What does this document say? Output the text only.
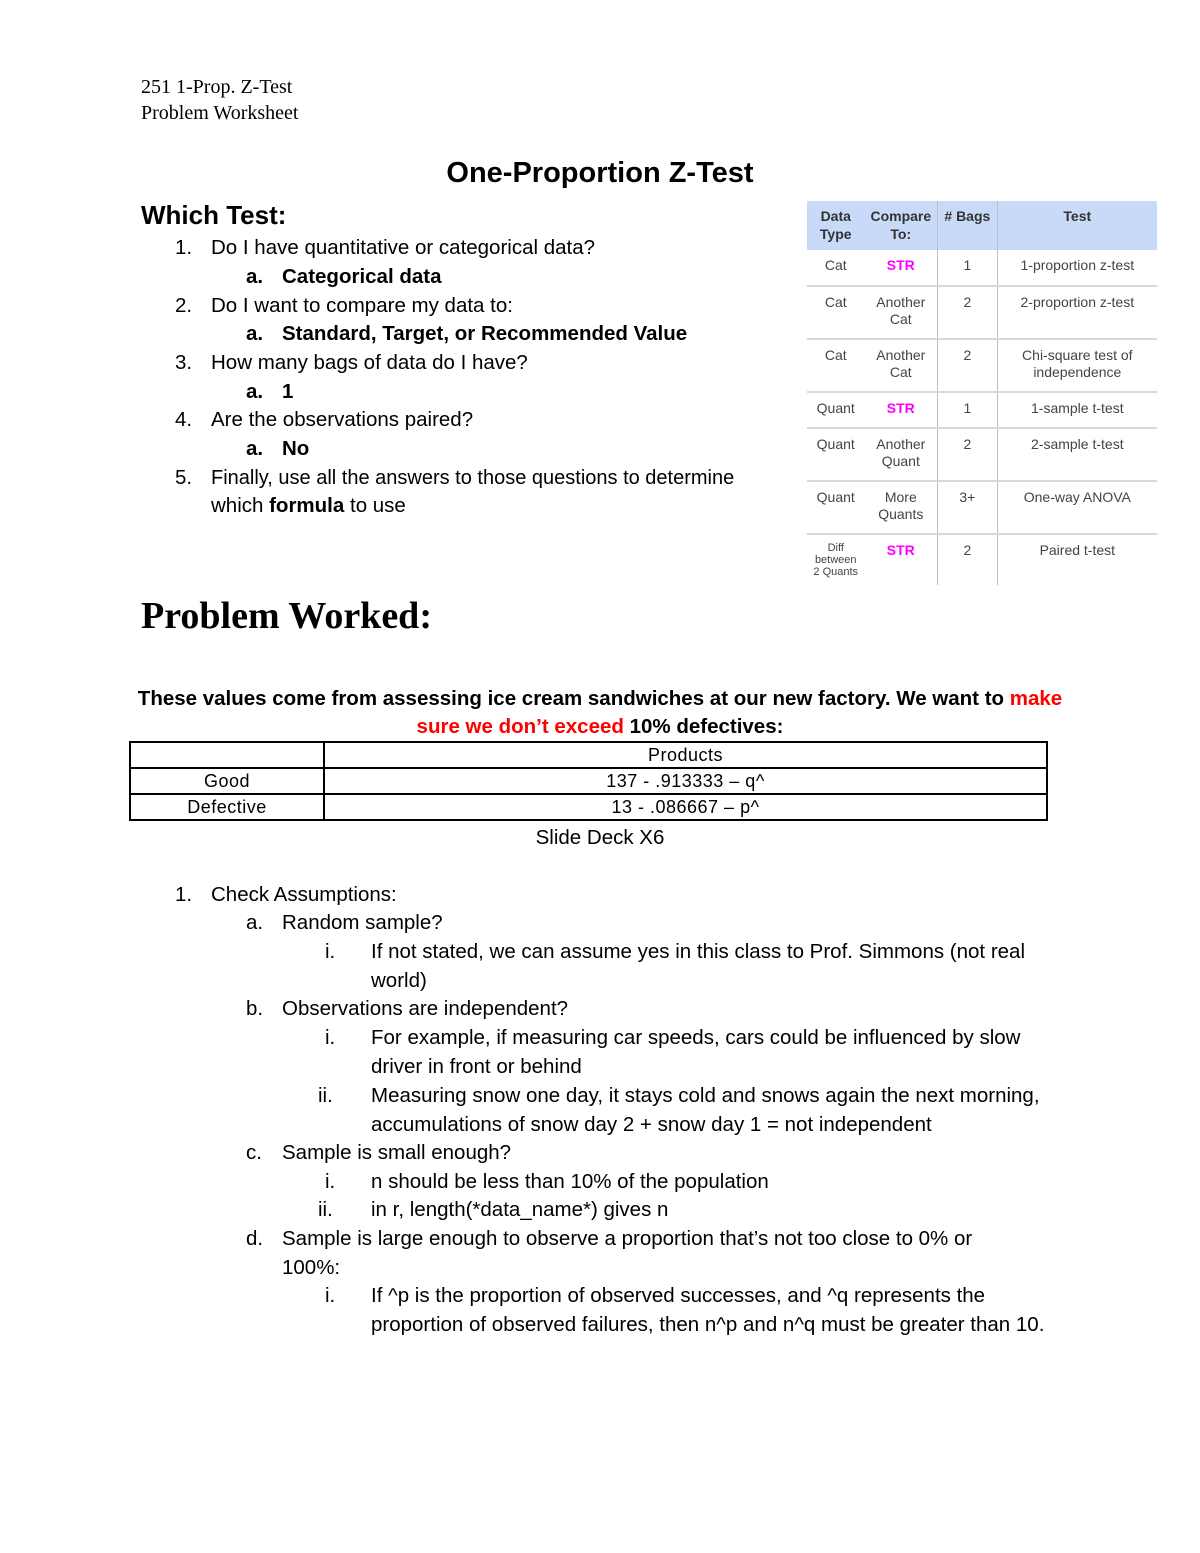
251 1-Prop. Z-Test
Problem Worksheet
One-Proportion Z-Test
Which Test:
1. Do I have quantitative or categorical data?
a. Categorical data
2. Do I want to compare my data to:
a. Standard, Target, or Recommended Value
3. How many bags of data do I have?
a. 1
4. Are the observations paired?
a. No
5. Finally, use all the answers to those questions to determine
which formula to use
Data Type	Compare To:	# Bags	Test
Cat	STR	1	1-proportion z-test
Cat	Another Cat	2	2-proportion z-test
Cat	Another Cat	2	Chi-square test of independence
Quant	STR	1	1-sample t-test
Quant	Another Quant	2	2-sample t-test
Quant	More Quants	3+	One-way ANOVA
Diff between 2 Quants	STR	2	Paired t-test
Problem Worked:
These values come from assessing ice cream sandwiches at our new factory. We want to make
sure we don’t exceed 10% defectives:
	Products
Good	137 - .913333 – q^
Defective	13 - .086667 – p^
Slide Deck X6
1. Check Assumptions:
a. Random sample?
i.	If not stated, we can assume yes in this class to Prof. Simmons (not real world)
b. Observations are independent?
i.	For example, if measuring car speeds, cars could be influenced by slow driver in front or behind
ii.	Measuring snow one day, it stays cold and snows again the next morning, accumulations of snow day 2 + snow day 1 = not independent
c. Sample is small enough?
i.	n should be less than 10% of the population
ii.	in r, length(*data_name*) gives n
d. Sample is large enough to observe a proportion that’s not too close to 0% or 100%:
i.	If ^p is the proportion of observed successes, and ^q represents the proportion of observed failures, then n^p and n^q must be greater than 10.
